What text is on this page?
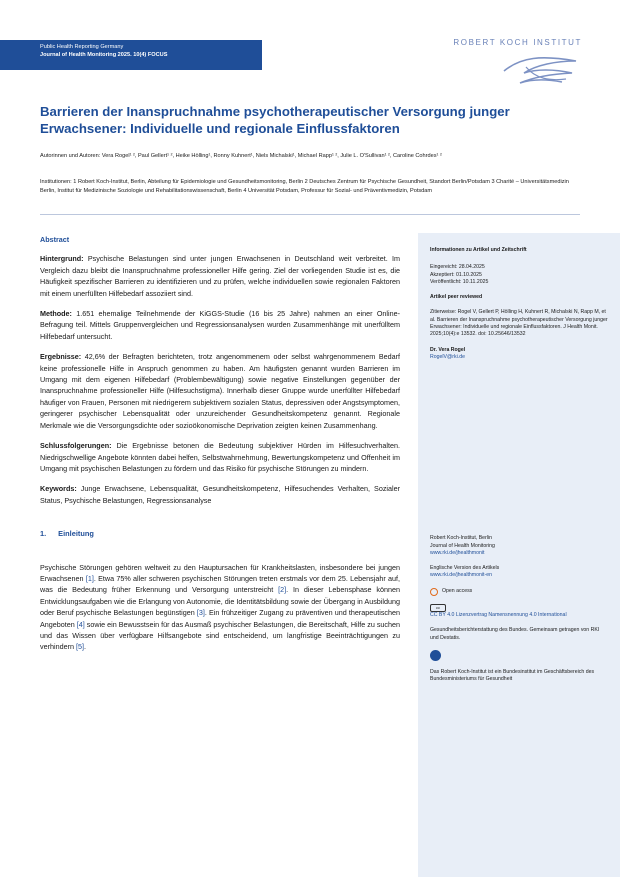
Public Health Reporting Germany
Journal of Health Monitoring 2025. 10(4) FOCUS
ROBERT KOCH INSTITUT
Barrieren der Inanspruchnahme psychotherapeutischer Versorgung junger Erwachsener: Individuelle und regionale Einflussfaktoren
Autorinnen und Autoren: Vera Rogel¹ ², Paul Gellert¹ ², Heike Hölling¹, Ronny Kuhnert¹, Niels Michalski¹, Michael Rapp¹ ², Julie L. O'Sullivan¹ ², Caroline Cohrdes¹ ²
Institutionen: 1 Robert Koch-Institut, Berlin, Abteilung für Epidemiologie und Gesundheitsmonitoring, Berlin 2 Deutsches Zentrum für Psychische Gesundheit, Standort Berlin/Potsdam 3 Charité – Universitätsmedizin Berlin, Institut für Medizinische Soziologie und Rehabilitationswissenschaft, Berlin 4 Universität Potsdam, Professur für Sozial- und Präventivmedizin, Potsdam
Abstract

Hintergrund: Psychische Belastungen sind unter jungen Erwachsenen in Deutschland weit verbreitet. Im Vergleich dazu bleibt die Inanspruchnahme professioneller Hilfe gering. Ziel der vorliegenden Studie ist es, die Häufigkeit spezifischer Barrieren zu identifizieren und zu prüfen, welche individuellen sowie regionalen Faktoren mit einem unerfüllten Hilfebedarf assoziiert sind.

Methode: 1.651 ehemalige Teilnehmende der KiGGS-Studie (16 bis 25 Jahre) nahmen an einer Online-Befragung teil. Mittels Gruppenvergleichen und Regressionsanalysen wurden Zusammenhänge mit unerfülltem Hilfebedarf untersucht.

Ergebnisse: 42,6% der Befragten berichteten, trotz angenommenem oder selbst wahrgenommenem Bedarf keine professionelle Hilfe in Anspruch genommen zu haben. Am häufigsten genannt wurden Barrieren im Umgang mit dem eigenen Hilfebedarf (Problembewältigung) sowie negative Einstellungen gegenüber der Inanspruchnahme professioneller Hilfe (Hilfesuchstigma). Innerhalb dieser Gruppe wurde unerfüllter Hilfebedarf häufiger von Frauen, Personen mit niedrigerem subjektivem sozialen Status, depressiven oder Angstsymptomen, geringerer psychischer Lebensqualität oder unzureichender Gesundheitskompetenz genannt. Regionale Merkmale wie die Versorgungsdichte oder sozioökonomische Deprivation zeigten keinen Zusammenhang.

Schlussfolgerungen: Die Ergebnisse betonen die Bedeutung subjektiver Hürden im Hilfesuchverhalten. Niedrigschwellige Angebote könnten dabei helfen, Selbstwahrnehmung, Bewertungskompetenz und Offenheit im Umgang mit psychischen Belastungen zu fördern und das Risiko für psychische Störungen zu mindern.

Keywords: Junge Erwachsene, Lebensqualität, Gesundheitskompetenz, Hilfesuchendes Verhalten, Sozialer Status, Psychische Belastungen, Regressionsanalyse

1. Einleitung

Psychische Störungen gehören weltweit zu den Hauptursachen für Krankheitslasten, insbesondere bei jungen Erwachsenen [1]. Etwa 75% aller schweren psychischen Störungen treten erstmals vor dem 25. Lebensjahr auf, was die Bedeutung früher Erkennung und Versorgung unterstreicht [2]. In dieser Lebensphase können Entwicklungsaufgaben wie die Erlangung von Autonomie, die Identitätsbildung sowie der Übergang in Ausbildung oder Beruf psychische Belastungen begünstigen [3]. Ein frühzeitiger Zugang zu präventiven und therapeutischen Angeboten [4] sowie ein Bewusstsein für das Ausmaß psychischer Belastungen, die Bereitschaft, Hilfe zu suchen und das Wissen über verfügbare Hilfsangebote sind entscheidend, um langfristige Beeinträchtigungen zu verhindern [5].

Informationen zu Artikel und Zeitschrift
Eingereicht: 28.04.2025
Akzeptiert: 01.10.2025
Veröffentlicht: 10.11.2025
Artikel peer reviewed
Zitierweise: Rogel V, Gellert P, Hölling H, Kuhnert R, Michalski N, Rapp M, et al. Barrieren der Inanspruchnahme psychotherapeutischer Versorgung junger Erwachsener: Individuelle und regionale Einflussfaktoren. J Health Monit. 2025;10(4):e 13532. doi: 10.25646/13532
Dr. Vera Rogel
RogelV@rki.de
Robert Koch-Institut, Berlin
Journal of Health Monitoring
www.rki.de/jhealthmonit
Englische Version des Artikels
www.rki.de/jhealthmonit-en
Open access
cc
CC BY 4.0 Lizenzvertrag Namensnennung 4.0 International
Gesundheitsberichterstattung des Bundes. Gemeinsam getragen von RKI und Destatis.
Das Robert Koch-Institut ist ein Bundesinstitut im Geschäftsbereich des Bundesministeriums für Gesundheit
